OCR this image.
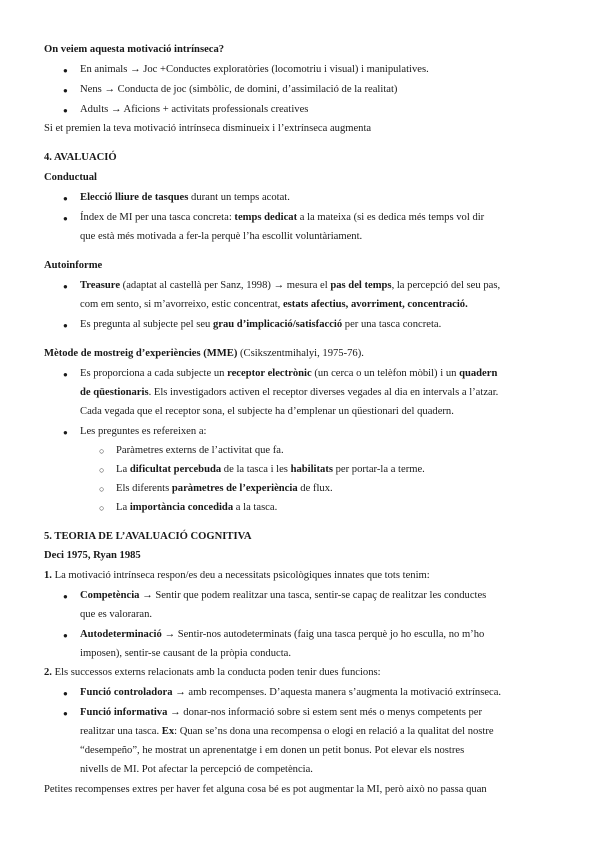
On veiem aquesta motivació intrínseca?
● En animals → Joc +Conductes exploratòries (locomotriu i visual) i manipulatives.
● Nens → Conducta de joc (simbòlic, de domini, d’assimilació de la realitat)
● Adults → Aficions + activitats professionals creatives
Si et premien la teva motivació intrínseca disminueix i l’extrínseca augmenta
4. AVALUACIÓ
Conductual
● Elecció lliure de tasques durant un temps acotat.
● Índex de MI per una tasca concreta: temps dedicat a la mateixa (si es dedica més temps vol dir
que està més motivada a fer-la perquè l’ha escollit voluntàriament.
Autoinforme
● Treasure (adaptat al castellà per Sanz, 1998) → mesura el pas del temps, la percepció del seu pas,
com em sento, si m’avorreixo, estic concentrat, estats afectius, avorriment, concentració.
● Es pregunta al subjecte pel seu grau d’implicació/satisfacció per una tasca concreta.
Mètode de mostreig d’experiències (MME) (Csikszentmihalyi, 1975-76).
● Es proporciona a cada subjecte un receptor electrònic (un cerca o un telèfon mòbil) i un quadern
de qüestionaris. Els investigadors activen el receptor diverses vegades al dia en intervals a l’atzar.
Cada vegada que el receptor sona, el subjecte ha d’emplenar un qüestionari del quadern.
● Les preguntes es refereixen a:
○ Paràmetres externs de l’activitat que fa.
○ La dificultat percebuda de la tasca i les habilitats per portar-la a terme.
○ Els diferents paràmetres de l’experiència de flux.
○ La importància concedida a la tasca.
5. TEORIA DE L’AVALUACIÓ COGNITIVA
Deci 1975, Ryan 1985
1. La motivació intrínseca respon/es deu a necessitats psicològiques innates que tots tenim:
● Competència → Sentir que podem realitzar una tasca, sentir-se capaç de realitzar les conductes
que es valoraran.
● Autodeterminació → Sentir-nos autodeterminats (faig una tasca perquè jo ho esculla, no m’ho
imposen), sentir-se causant de la pròpia conducta.
2. Els successos externs relacionats amb la conducta poden tenir dues funcions:
● Funció controladora → amb recompenses. D’aquesta manera s’augmenta la motivació extrínseca.
● Funció informativa → donar-nos informació sobre si estem sent més o menys competents per
realitzar una tasca. Ex: Quan se’ns dona una recompensa o elogi en relació a la qualitat del nostre
“desempeño”, he mostrat un aprenentatge i em donen un petit bonus. Pot elevar els nostres
nivells de MI. Pot afectar la percepció de competència.
Petites recompenses extres per haver fet alguna cosa bé es pot augmentar la MI, però això no passa quan
